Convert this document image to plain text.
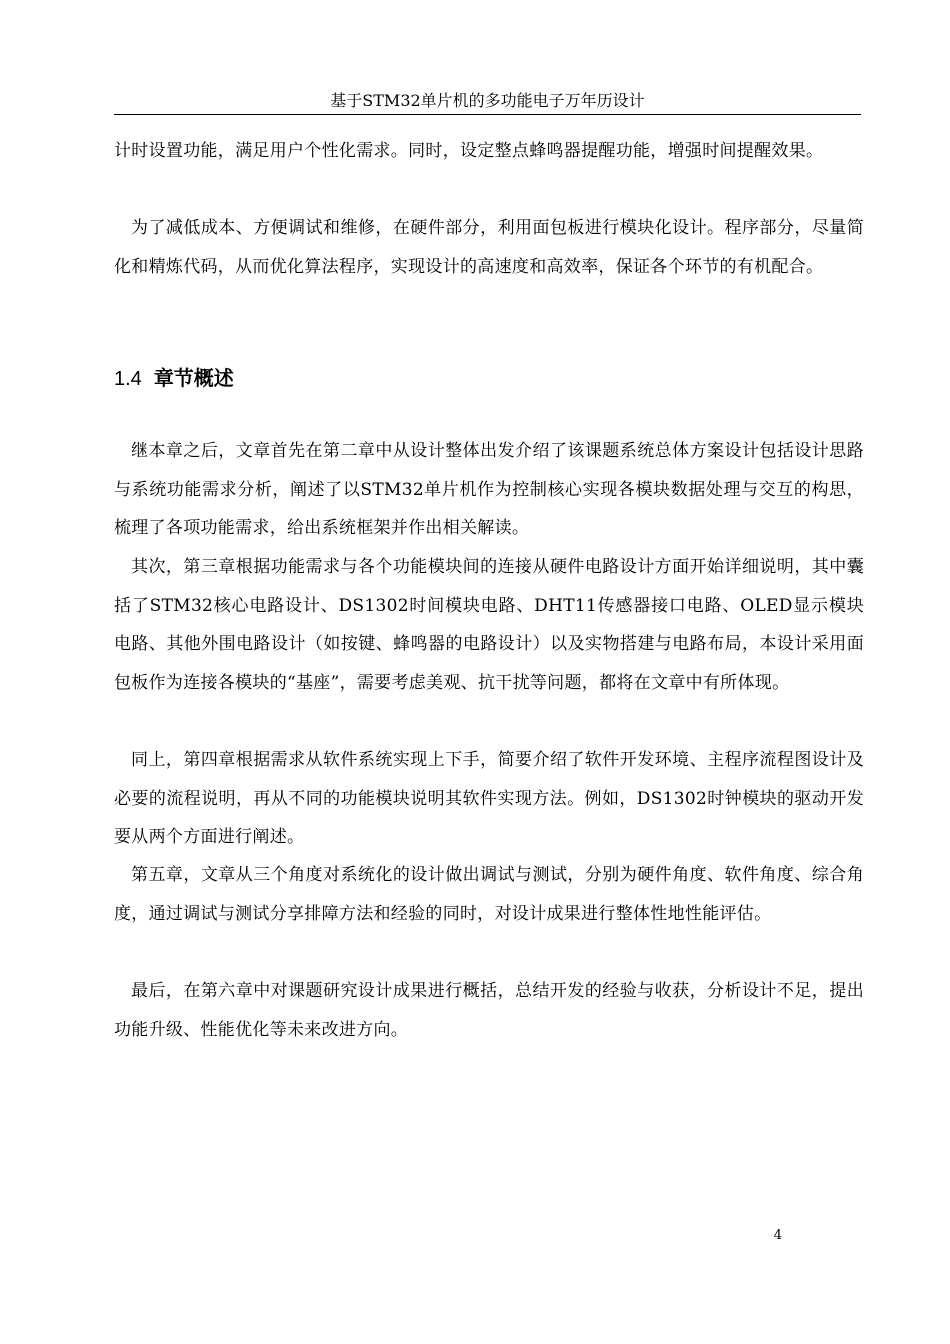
基于STM32单片机的多功能电子万年历设计

计时设置功能，满足用户个性化需求。同时，设定整点蜂鸣器提醒功能，增强时间提醒效果。

为了减低成本、方便调试和维修，在硬件部分，利用面包板进行模块化设计。程序部分，尽量简化和精炼代码，从而优化算法程序，实现设计的高速度和高效率，保证各个环节的有机配合。

1.4 章节概述

继本章之后，文章首先在第二章中从设计整体出发介绍了该课题系统总体方案设计包括设计思路与系统功能需求分析，阐述了以STM32单片机作为控制核心实现各模块数据处理与交互的构思，梳理了各项功能需求，给出系统框架并作出相关解读。

其次，第三章根据功能需求与各个功能模块间的连接从硬件电路设计方面开始详细说明，其中囊括了STM32核心电路设计、DS1302时间模块电路、DHT11传感器接口电路、OLED显示模块电路、其他外围电路设计（如按键、蜂鸣器的电路设计）以及实物搭建与电路布局，本设计采用面包板作为连接各模块的“基座”，需要考虑美观、抗干扰等问题，都将在文章中有所体现。

同上，第四章根据需求从软件系统实现上下手，简要介绍了软件开发环境、主程序流程图设计及必要的流程说明，再从不同的功能模块说明其软件实现方法。例如，DS1302时钟模块的驱动开发要从两个方面进行阐述。

第五章，文章从三个角度对系统化的设计做出调试与测试，分别为硬件角度、软件角度、综合角度，通过调试与测试分享排障方法和经验的同时，对设计成果进行整体性地性能评估。

最后，在第六章中对课题研究设计成果进行概括，总结开发的经验与收获，分析设计不足，提出功能升级、性能优化等未来改进方向。

4
